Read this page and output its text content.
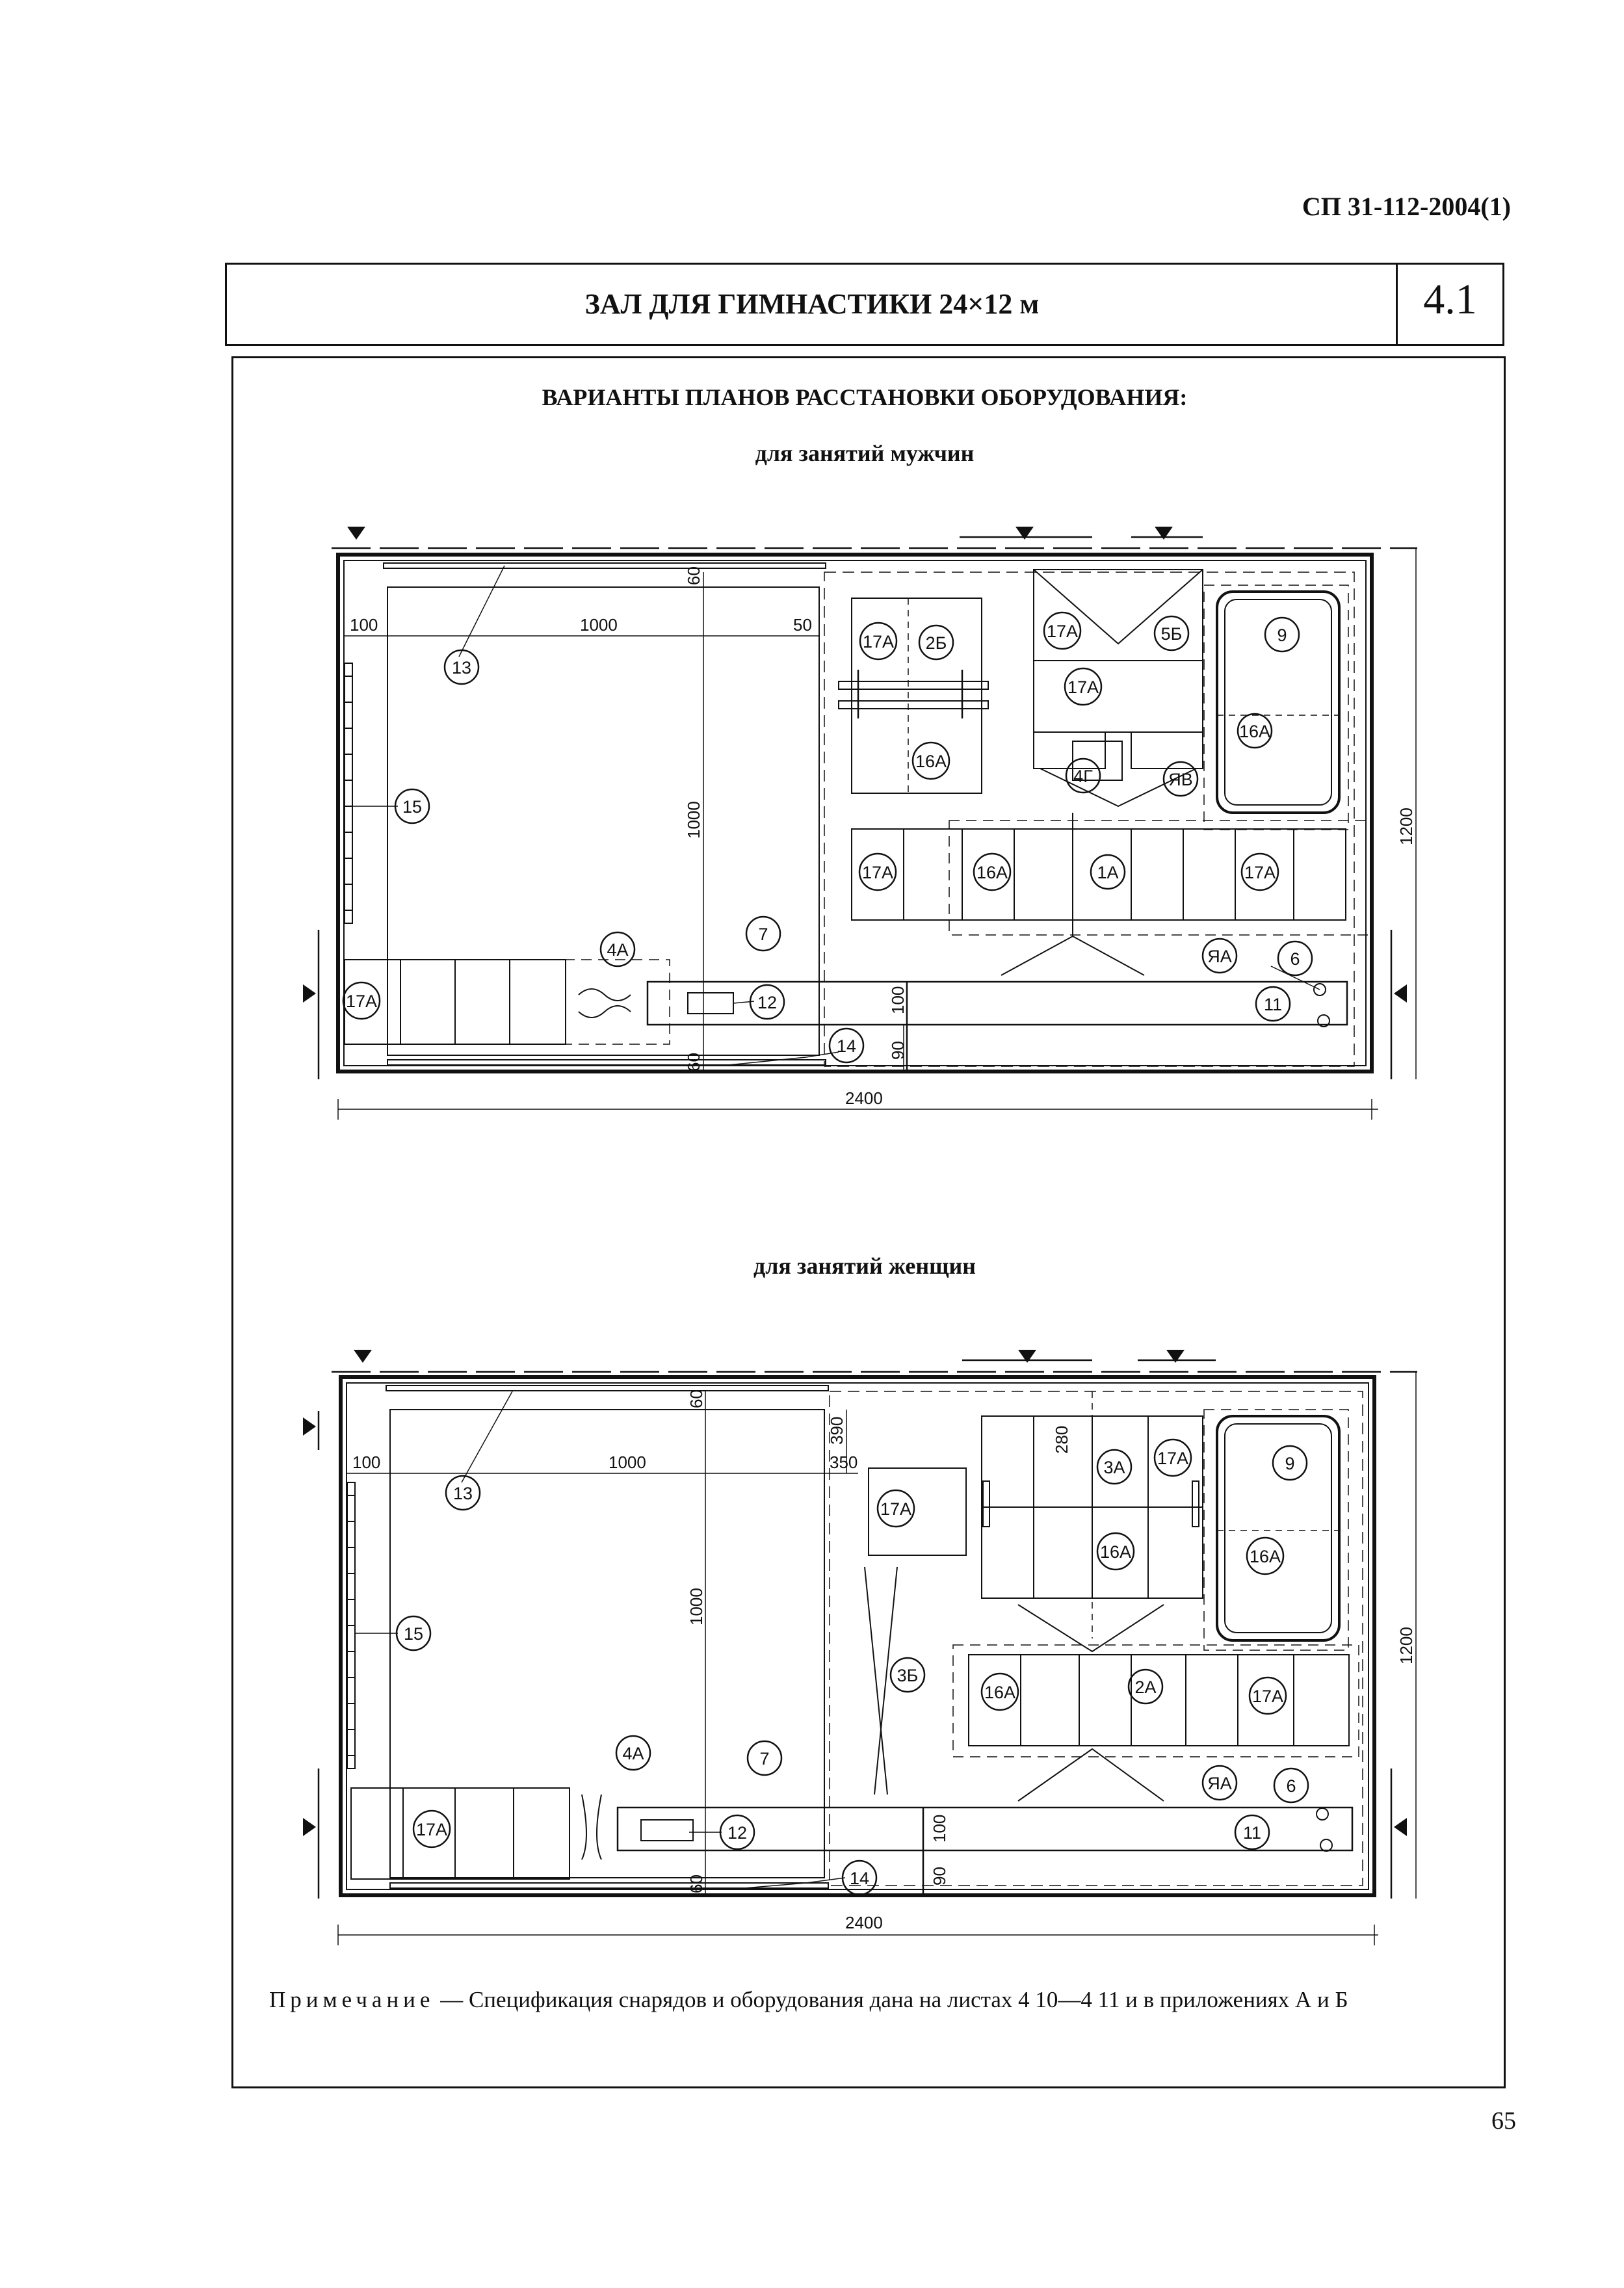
СП 31-112-2004(1)
ЗАЛ ДЛЯ ГИМНАСТИКИ 24×12 м	4.1
ВАРИАНТЫ ПЛАНОВ РАССТАНОВКИ ОБОРУДОВАНИЯ:
для занятий мужчин
для занятий женщин
100	1000	50
60
1000
60
100
90
2400
1200
13
15
7
4А
12
14
11
6
9
16А
17А 2Б
16А
17А	5Б
17А
4Г	ЯВ
17А	16А	1А	17А
ЯА
17А
100	1000	350
60
1000
60
390	280
100
90
2400
1200
13
15
7
4А
12
14
11
6
9
16А
17А
3А 17А
16А
3Б
16А	2А	17А
ЯА
17А
Примечание — Спецификация снарядов и оборудования дана на листах 4 10—4 11 и в приложениях А и Б
65
